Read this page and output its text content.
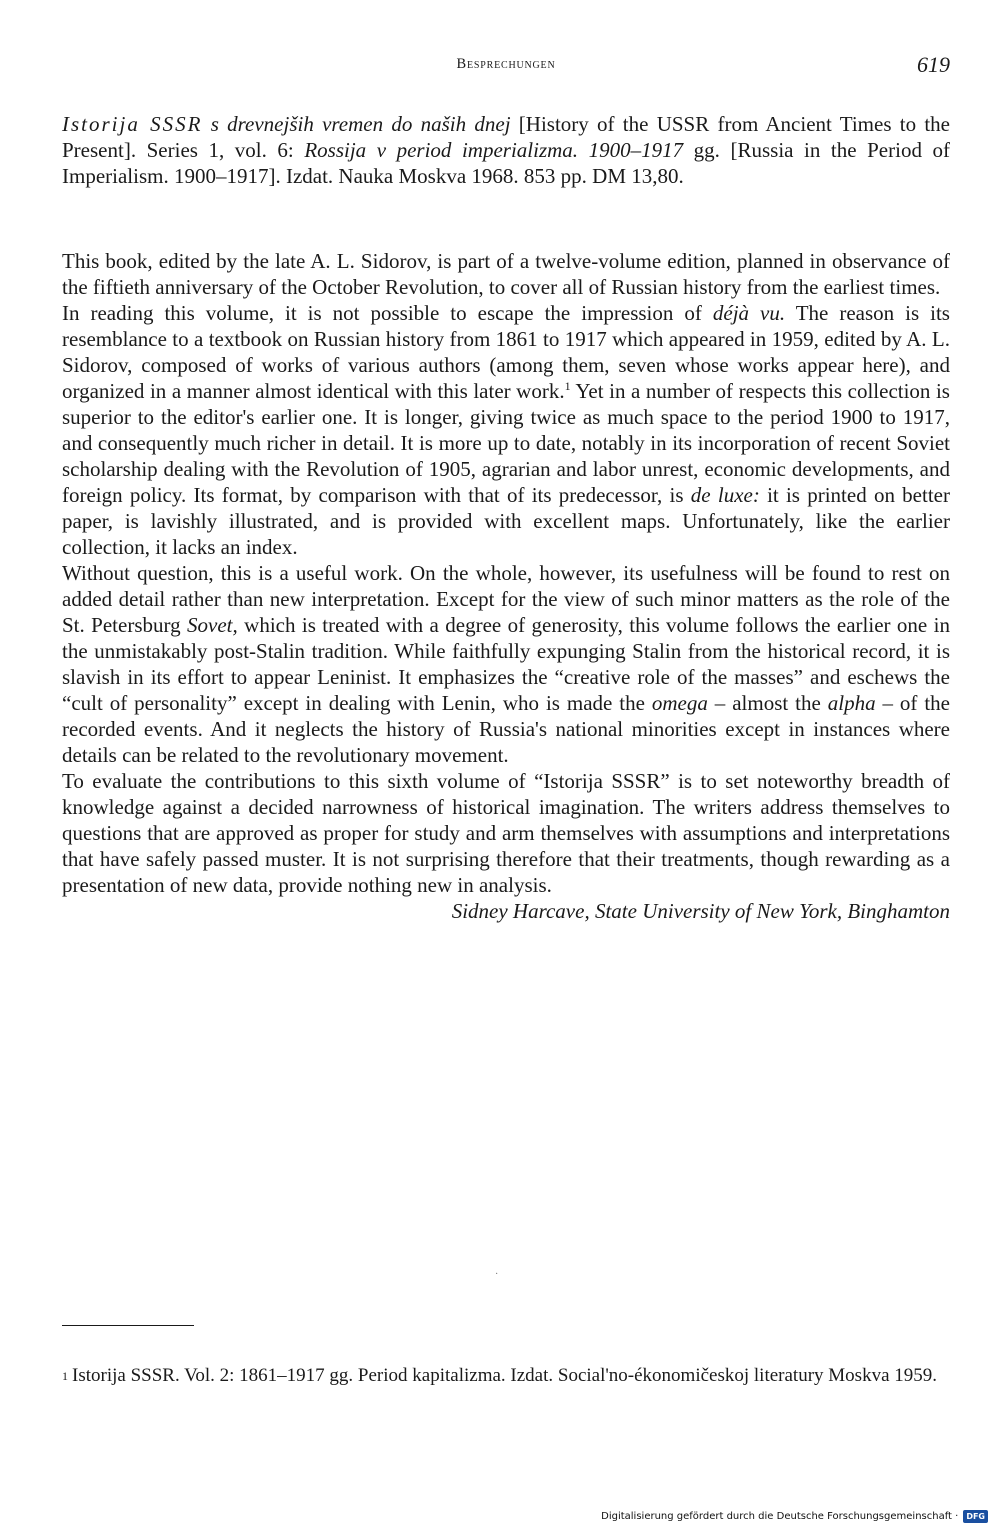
Besprechungen	619
Istorija SSSR s drevnejših vremen do naših dnej [History of the USSR from Ancient Times to the Present]. Series 1, vol. 6: Rossija v period imperializma. 1900–1917 gg. [Russia in the Period of Imperialism. 1900–1917]. Izdat. Nauka Moskva 1968. 853 pp. DM 13,80.

This book, edited by the late A. L. Sidorov, is part of a twelve-volume edition, planned in observance of the fiftieth anniversary of the October Revolution, to cover all of Russian history from the earliest times.

In reading this volume, it is not possible to escape the impression of déjà vu. The reason is its resemblance to a textbook on Russian history from 1861 to 1917 which appeared in 1959, edited by A. L. Sidorov, composed of works of various authors (among them, seven whose works appear here), and organized in a manner almost identical with this later work.$^1$ Yet in a number of respects this collection is superior to the editor's earlier one. It is longer, giving twice as much space to the period 1900 to 1917, and consequently much richer in detail. It is more up to date, notably in its incorporation of recent Soviet scholarship dealing with the Revolution of 1905, agrarian and labor unrest, economic developments, and foreign policy. Its format, by comparison with that of its predecessor, is de luxe: it is printed on better paper, is lavishly illustrated, and is provided with excellent maps. Unfortunately, like the earlier collection, it lacks an index.

Without question, this is a useful work. On the whole, however, its usefulness will be found to rest on added detail rather than new interpretation. Except for the view of such minor matters as the role of the St. Petersburg Sovet, which is treated with a degree of generosity, this volume follows the earlier one in the unmistakably post-Stalin tradition. While faithfully expunging Stalin from the historical record, it is slavish in its effort to appear Leninist. It emphasizes the “creative role of the masses” and eschews the “cult of personality” except in dealing with Lenin, who is made the omega – almost the alpha – of the recorded events. And it neglects the history of Russia's national minorities except in instances where details can be related to the revolutionary movement.

To evaluate the contributions to this sixth volume of “Istorija SSSR” is to set noteworthy breadth of knowledge against a decided narrowness of historical imagination. The writers address themselves to questions that are approved as proper for study and arm themselves with assumptions and interpretations that have safely passed muster. It is not surprising therefore that their treatments, though rewarding as a presentation of new data, provide nothing new in analysis.

Sidney Harcave, State University of New York, Binghamton

·
$^1$ Istorija SSSR. Vol. 2: 1861–1917 gg. Period kapitalizma. Izdat. Social'no-ékonomičeskoj literatury Moskva 1959.
Digitalisierung gefördert durch die Deutsche Forschungsgemeinschaft ·	DFG
